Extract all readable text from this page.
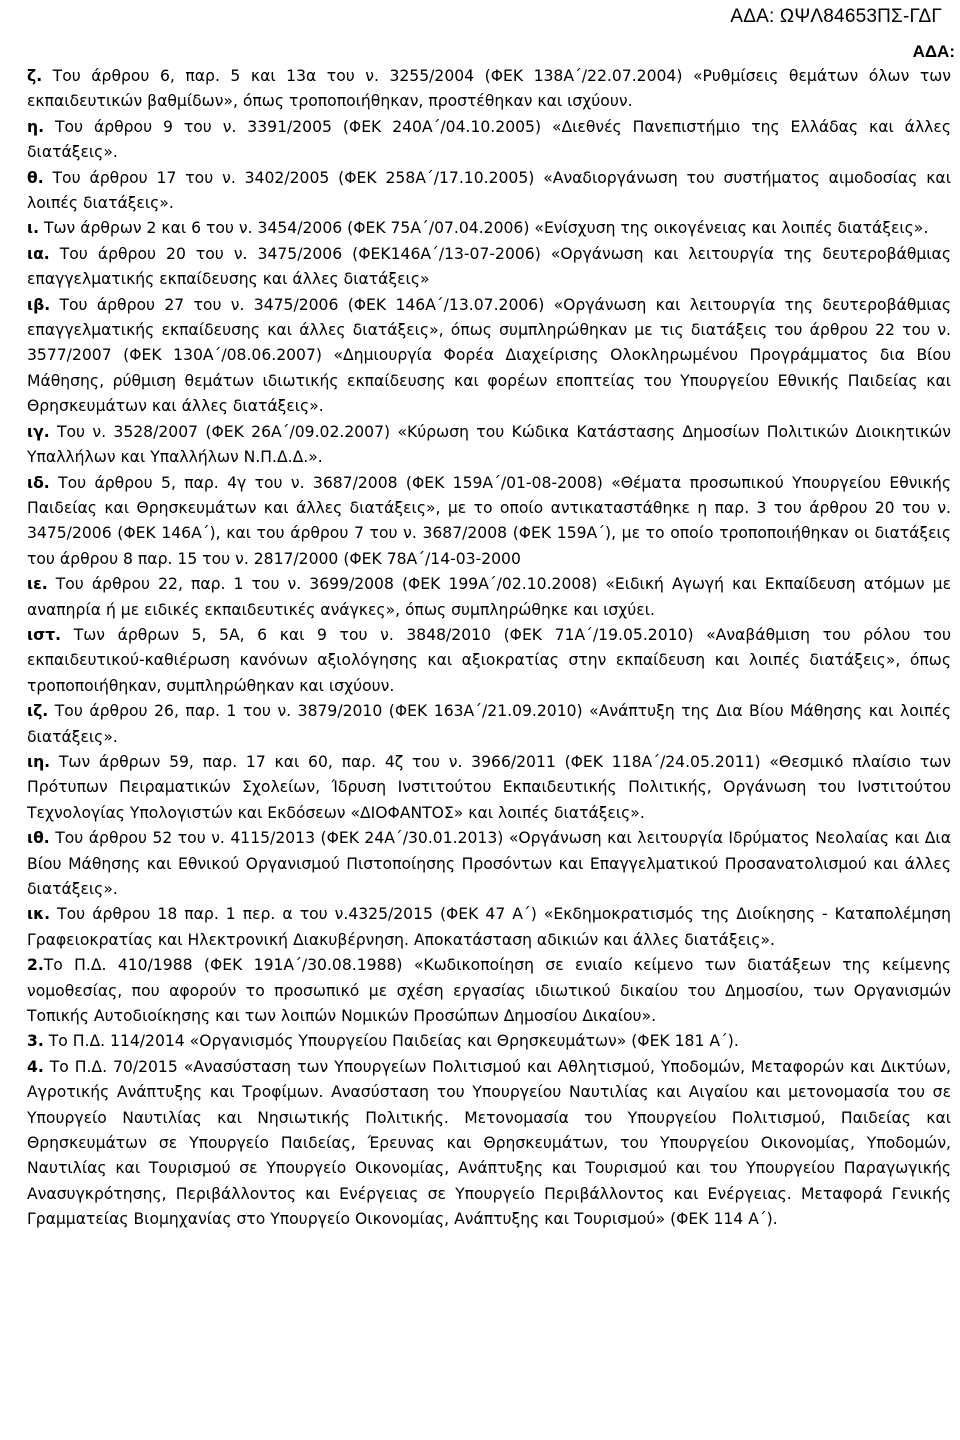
ΑΔΑ: ΩΨΛ84653ΠΣ-ΓΔΓ
ΑΔΑ:

ζ. Του άρθρου 6, παρ. 5 και 13α του ν. 3255/2004 (ΦΕΚ 138Α΄/22.07.2004) «Ρυθμίσεις θεμάτων όλων των εκπαιδευτικών βαθμίδων», όπως τροποποιήθηκαν, προστέθηκαν και ισχύουν.

η. Του άρθρου 9 του ν. 3391/2005 (ΦΕΚ 240Α΄/04.10.2005) «Διεθνές Πανεπιστήμιο της Ελλάδας και άλλες διατάξεις».

θ. Του άρθρου 17 του ν. 3402/2005 (ΦΕΚ 258Α΄/17.10.2005) «Αναδιοργάνωση του συστήματος αιμοδοσίας και λοιπές διατάξεις».

ι. Των άρθρων 2 και 6 του ν. 3454/2006 (ΦΕΚ 75Α΄/07.04.2006) «Ενίσχυση της οικογένειας και λοιπές διατάξεις».

ια. Του άρθρου 20 του ν. 3475/2006 (ΦΕΚ146Α΄/13-07-2006) «Οργάνωση και λειτουργία της δευτεροβάθμιας επαγγελματικής εκπαίδευσης και άλλες διατάξεις»

ιβ. Του άρθρου 27 του ν. 3475/2006 (ΦΕΚ 146Α΄/13.07.2006) «Οργάνωση και λειτουργία της δευτεροβάθμιας επαγγελματικής εκπαίδευσης και άλλες διατάξεις», όπως συμπληρώθηκαν με τις διατάξεις του άρθρου 22 του ν. 3577/2007 (ΦΕΚ 130Α΄/08.06.2007) «Δημιουργία Φορέα Διαχείρισης Ολοκληρωμένου Προγράμματος δια Βίου Μάθησης, ρύθμιση θεμάτων ιδιωτικής εκπαίδευσης και φορέων εποπτείας του Υπουργείου Εθνικής Παιδείας και Θρησκευμάτων και άλλες διατάξεις».

ιγ. Του ν. 3528/2007 (ΦΕΚ 26Α΄/09.02.2007) «Κύρωση του Κώδικα Κατάστασης Δημοσίων Πολιτικών Διοικητικών Υπαλλήλων και Υπαλλήλων Ν.Π.Δ.Δ.».

ιδ. Του άρθρου 5, παρ. 4γ του ν. 3687/2008 (ΦΕΚ 159Α΄/01-08-2008) «Θέματα προσωπικού Υπουργείου Εθνικής Παιδείας και Θρησκευμάτων και άλλες διατάξεις», με το οποίο αντικαταστάθηκε η παρ. 3 του άρθρου 20 του ν. 3475/2006 (ΦΕΚ 146Α΄), και του άρθρου 7 του ν. 3687/2008 (ΦΕΚ 159Α΄), με το οποίο τροποποιήθηκαν οι διατάξεις του άρθρου 8 παρ. 15 του ν. 2817/2000 (ΦΕΚ 78Α΄/14-03-2000

ιε. Του άρθρου 22, παρ. 1 του ν. 3699/2008 (ΦΕΚ 199Α΄/02.10.2008) «Ειδική Αγωγή και Εκπαίδευση ατόμων με αναπηρία ή με ειδικές εκπαιδευτικές ανάγκες», όπως συμπληρώθηκε και ισχύει.

ιστ. Των άρθρων 5, 5Α, 6 και 9 του ν. 3848/2010 (ΦΕΚ 71Α΄/19.05.2010) «Αναβάθμιση του ρόλου του εκπαιδευτικού-καθιέρωση κανόνων αξιολόγησης και αξιοκρατίας στην εκπαίδευση και λοιπές διατάξεις», όπως τροποποιήθηκαν, συμπληρώθηκαν και ισχύουν.

ιζ. Του άρθρου 26, παρ. 1 του ν. 3879/2010 (ΦΕΚ 163Α΄/21.09.2010) «Ανάπτυξη της Δια Βίου Μάθησης και λοιπές διατάξεις».

ιη. Των άρθρων 59, παρ. 17 και 60, παρ. 4ζ του ν. 3966/2011 (ΦΕΚ 118Α΄/24.05.2011) «Θεσμικό πλαίσιο των Πρότυπων Πειραματικών Σχολείων, Ίδρυση Ινστιτούτου Εκπαιδευτικής Πολιτικής, Οργάνωση του Ινστιτούτου Τεχνολογίας Υπολογιστών και Εκδόσεων «ΔΙΟΦΑΝΤΟΣ» και λοιπές διατάξεις».

ιθ. Του άρθρου 52 του ν. 4115/2013 (ΦΕΚ 24Α΄/30.01.2013) «Οργάνωση και λειτουργία Ιδρύματος Νεολαίας και Δια Βίου Μάθησης και Εθνικού Οργανισμού Πιστοποίησης Προσόντων και Επαγγελματικού Προσανατολισμού και άλλες διατάξεις».

ικ. Του άρθρου 18 παρ. 1 περ. α του ν.4325/2015 (ΦΕΚ 47 Α΄) «Εκδημοκρατισμός της Διοίκησης - Καταπολέμηση Γραφειοκρατίας και Ηλεκτρονική Διακυβέρνηση. Αποκατάσταση αδικιών και άλλες διατάξεις».

2.Το Π.Δ. 410/1988 (ΦΕΚ 191Α΄/30.08.1988) «Κωδικοποίηση σε ενιαίο κείμενο των διατάξεων της κείμενης νομοθεσίας, που αφορούν το προσωπικό με σχέση εργασίας ιδιωτικού δικαίου του Δημοσίου, των Οργανισμών Τοπικής Αυτοδιοίκησης και των λοιπών Νομικών Προσώπων Δημοσίου Δικαίου».

3. Το Π.Δ. 114/2014 «Οργανισμός Υπουργείου Παιδείας και Θρησκευμάτων» (ΦΕΚ 181 Α΄).

4. Το Π.Δ. 70/2015 «Ανασύσταση των Υπουργείων Πολιτισμού και Αθλητισμού, Υποδομών, Μεταφορών και Δικτύων, Αγροτικής Ανάπτυξης και Τροφίμων. Ανασύσταση του Υπουργείου Ναυτιλίας και Αιγαίου και μετονομασία του σε Υπουργείο Ναυτιλίας και Νησιωτικής Πολιτικής. Μετονομασία του Υπουργείου Πολιτισμού, Παιδείας και Θρησκευμάτων σε Υπουργείο Παιδείας, Έρευνας και Θρησκευμάτων, του Υπουργείου Οικονομίας, Υποδομών, Ναυτιλίας και Τουρισμού σε Υπουργείο Οικονομίας, Ανάπτυξης και Τουρισμού και του Υπουργείου Παραγωγικής Ανασυγκρότησης, Περιβάλλοντος και Ενέργειας σε Υπουργείο Περιβάλλοντος και Ενέργειας. Μεταφορά Γενικής Γραμματείας Βιομηχανίας στο Υπουργείο Οικονομίας, Ανάπτυξης και Τουρισμού» (ΦΕΚ 114 Α΄).
